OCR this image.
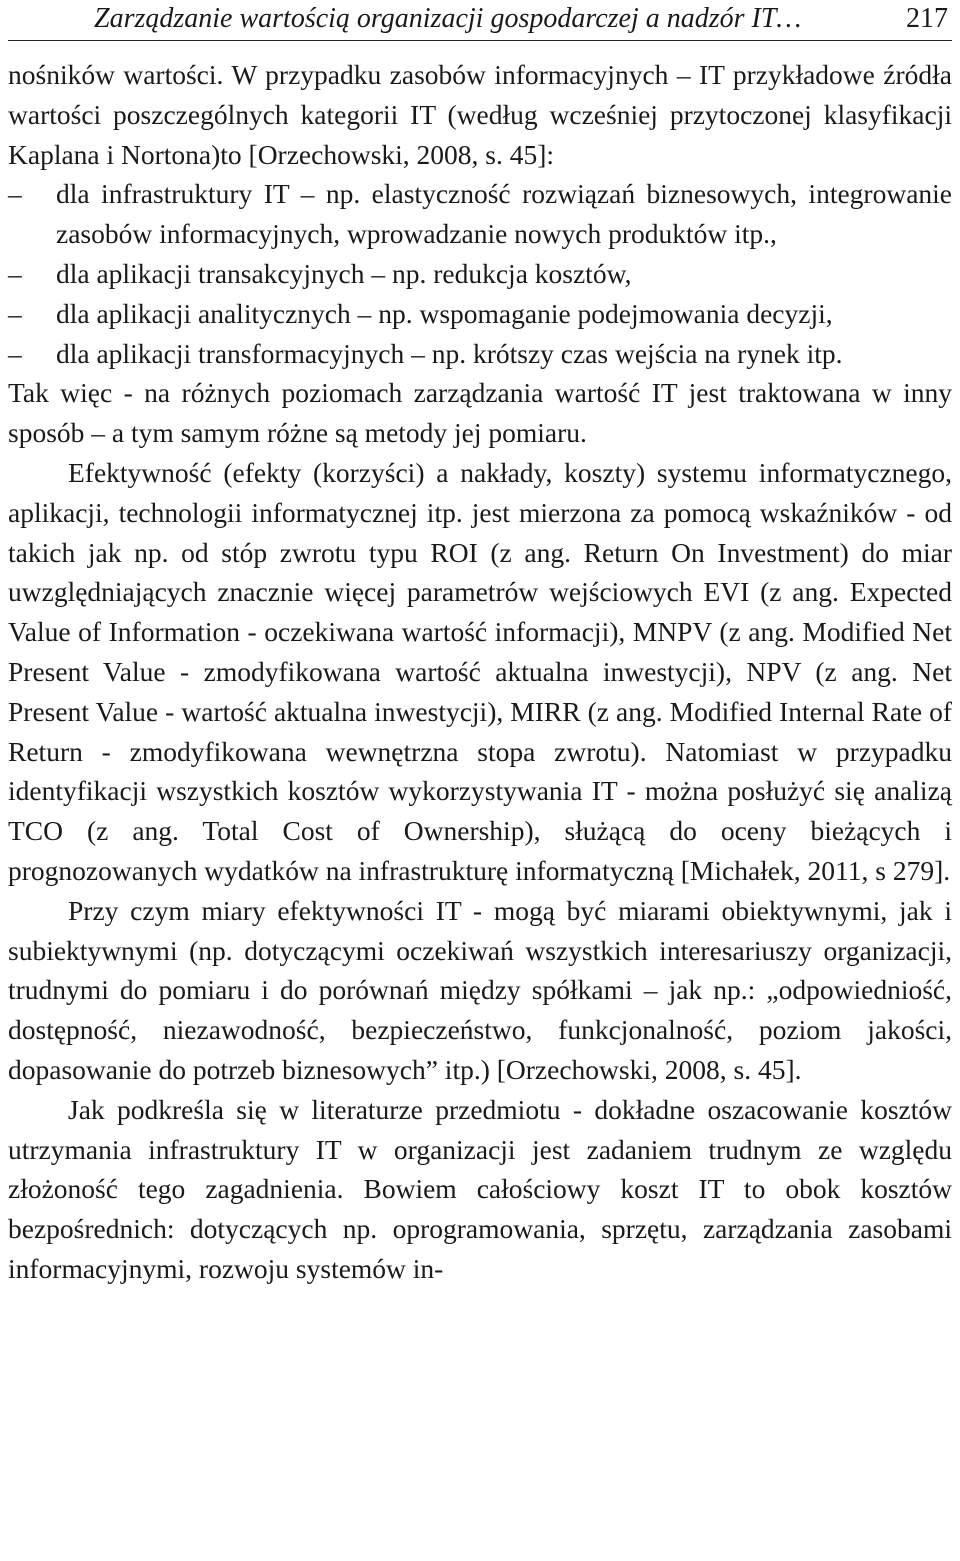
Zarządzanie wartością organizacji gospodarczej a nadzór IT…	217

nośników wartości. W przypadku zasobów informacyjnych – IT przykładowe źródła wartości poszczególnych kategorii IT (według wcześniej przytoczonej klasyfikacji Kaplana i Nortona)to [Orzechowski, 2008, s. 45]:

–	dla infrastruktury IT – np. elastyczność rozwiązań biznesowych, integrowanie zasobów informacyjnych, wprowadzanie nowych produktów itp.,
–	dla aplikacji transakcyjnych – np. redukcja kosztów,
–	dla aplikacji analitycznych – np. wspomaganie podejmowania decyzji,
–	dla aplikacji transformacyjnych – np. krótszy czas wejścia na rynek itp.

Tak więc - na różnych poziomach zarządzania wartość IT jest traktowana w inny sposób – a tym samym różne są metody jej pomiaru.

Efektywność (efekty (korzyści) a nakłady, koszty) systemu informatycznego, aplikacji, technologii informatycznej itp. jest mierzona za pomocą wskaźników - od takich jak np. od stóp zwrotu typu ROI (z ang. Return On Investment) do miar uwzględniających znacznie więcej parametrów wejściowych EVI (z ang. Expected Value of Information - oczekiwana wartość informacji), MNPV (z ang. Modified Net Present Value - zmodyfikowana wartość aktualna inwestycji), NPV (z ang. Net Present Value - wartość aktualna inwestycji), MIRR (z ang. Modified Internal Rate of Return - zmodyfikowana wewnętrzna stopa zwrotu). Natomiast w przypadku identyfikacji wszystkich kosztów wykorzystywania IT - można posłużyć się analizą TCO (z ang. Total Cost of Ownership), służącą do oceny bieżących i prognozowanych wydatków na infrastrukturę informatyczną [Michałek, 2011, s 279].

Przy czym miary efektywności IT - mogą być miarami obiektywnymi, jak i subiektywnymi (np. dotyczącymi oczekiwań wszystkich interesariuszy organizacji, trudnymi do pomiaru i do porównań między spółkami – jak np.: „odpowiedniość, dostępność, niezawodność, bezpieczeństwo, funkcjonalność, poziom jakości, dopasowanie do potrzeb biznesowych” itp.) [Orzechowski, 2008, s. 45].

Jak podkreśla się w literaturze przedmiotu - dokładne oszacowanie kosztów utrzymania infrastruktury IT w organizacji jest zadaniem trudnym ze względu złożoność tego zagadnienia. Bowiem całościowy koszt IT to obok kosztów bezpośrednich: dotyczących np. oprogramowania, sprzętu, zarządzania zasobami informacyjnymi, rozwoju systemów in-
